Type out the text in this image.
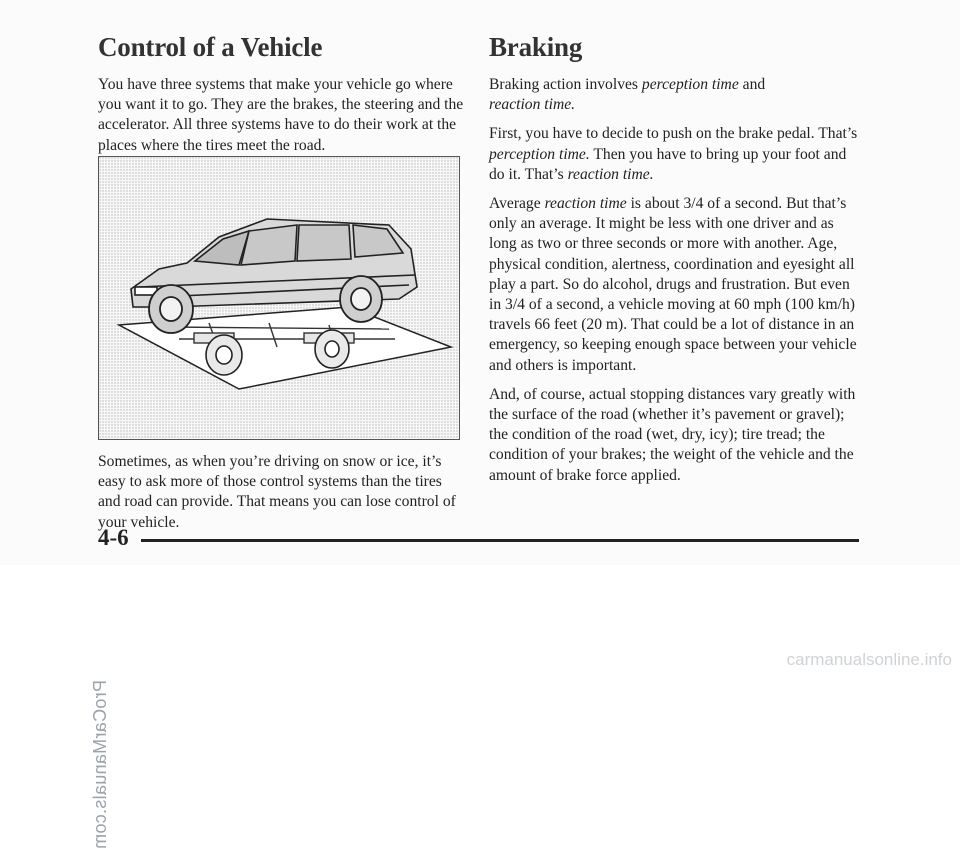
ProCarManuals.com
Control of a Vehicle

You have three systems that make your vehicle go where you want it to go. They are the brakes, the steering and the accelerator. All three systems have to do their work at the places where the tires meet the road.

Sometimes, as when you’re driving on snow or ice, it’s easy to ask more of those control systems than the tires and road can provide. That means you can lose control of your vehicle.

Braking

Braking action involves perception time and
reaction time.

First, you have to decide to push on the brake pedal. That’s perception time. Then you have to bring up your foot and do it. That’s reaction time.

Average reaction time is about 3/4 of a second. But that’s only an average. It might be less with one driver and as long as two or three seconds or more with another. Age, physical condition, alertness, coordination and eyesight all play a part. So do alcohol, drugs and frustration. But even in 3/4 of a second, a vehicle moving at 60 mph (100 km/h) travels 66 feet (20 m). That could be a lot of distance in an emergency, so keeping enough space between your vehicle and others is important.

And, of course, actual stopping distances vary greatly with the surface of the road (whether it’s pavement or gravel); the condition of the road (wet, dry, icy); tire tread; the condition of your brakes; the weight of the vehicle and the amount of brake force applied.

4-6
carmanualsonline.info
